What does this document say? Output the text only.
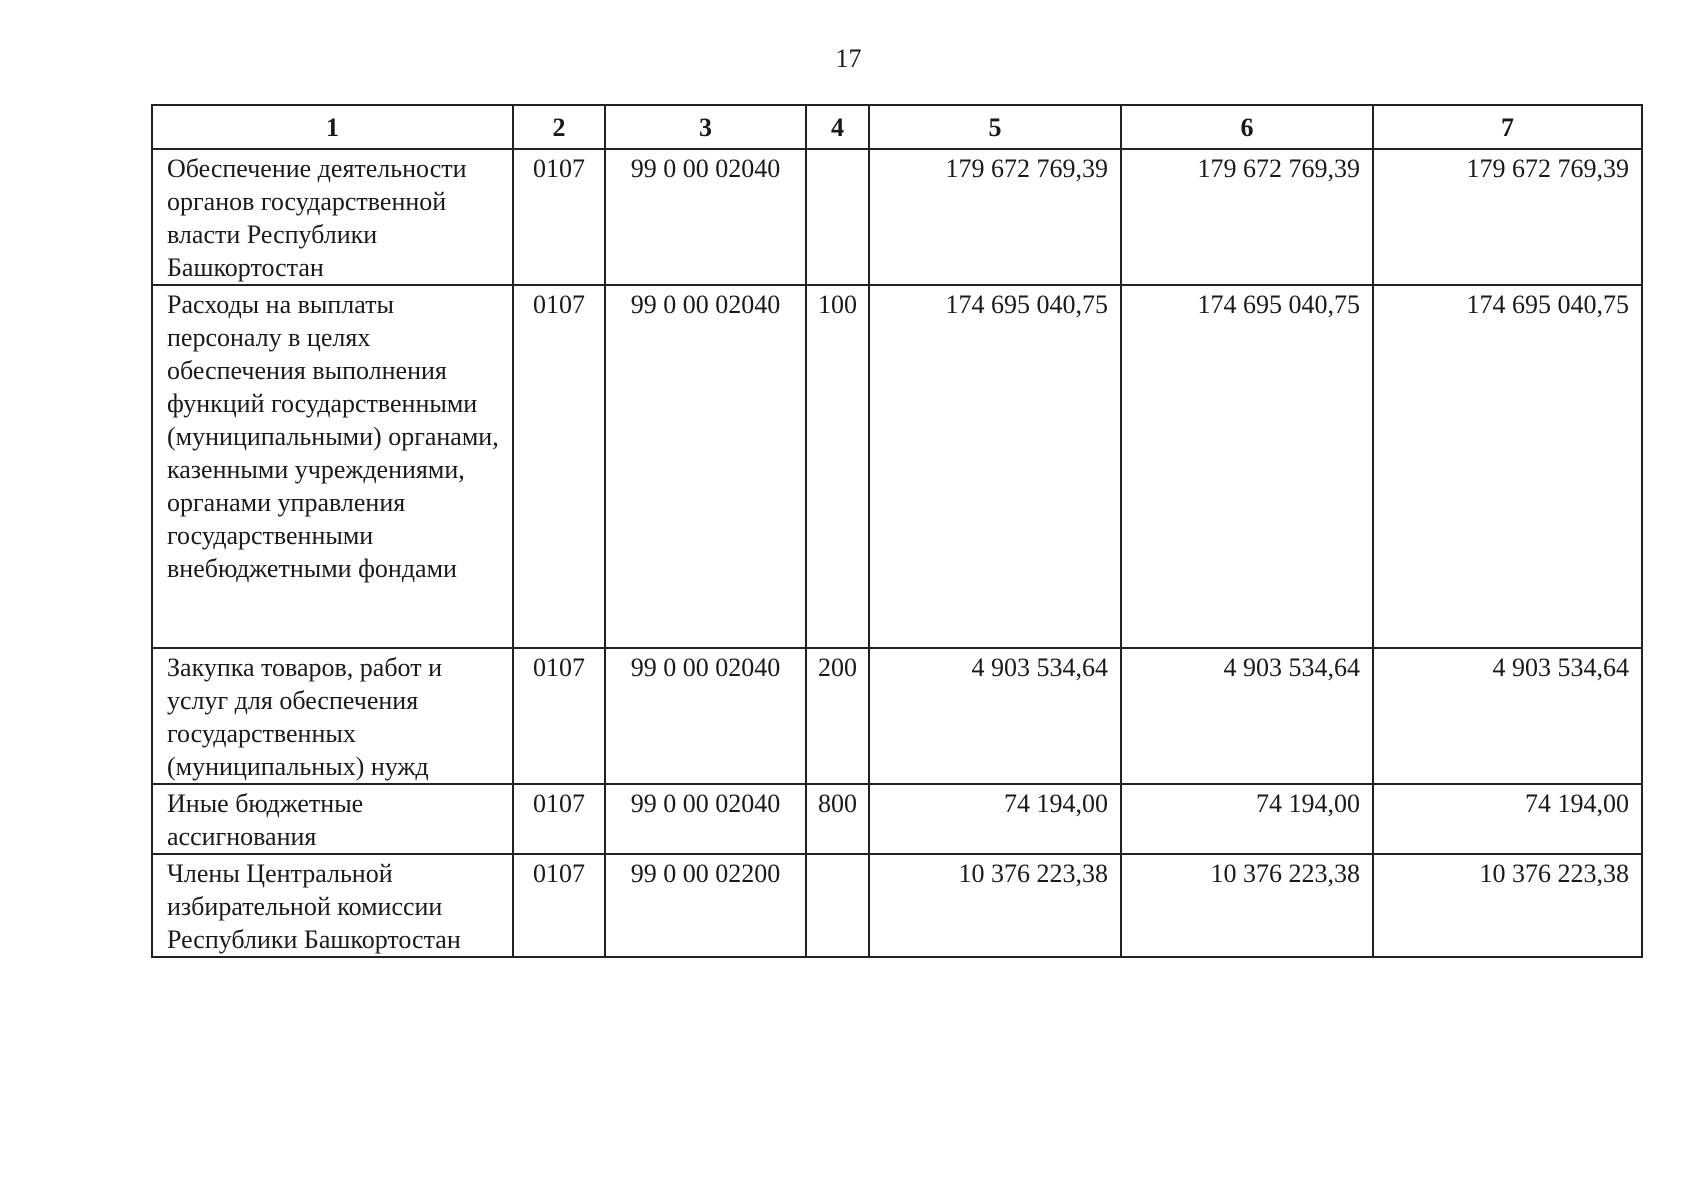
17
1	2	3	4	5	6	7
Обеспечение деятельности органов государственной власти Республики Башкортостан	0107	99 0 00 02040		179 672 769,39	179 672 769,39	179 672 769,39
Расходы на выплаты персоналу в целях обеспечения выполнения функций государственными (муниципальными) органами, казенными учреждениями, органами управления государственными внебюджетными фондами	0107	99 0 00 02040	100	174 695 040,75	174 695 040,75	174 695 040,75
Закупка товаров, работ и услуг для обеспечения государственных (муниципальных) нужд	0107	99 0 00 02040	200	4 903 534,64	4 903 534,64	4 903 534,64
Иные бюджетные ассигнования	0107	99 0 00 02040	800	74 194,00	74 194,00	74 194,00
Члены Центральной избирательной комиссии Республики Башкортостан	0107	99 0 00 02200		10 376 223,38	10 376 223,38	10 376 223,38
